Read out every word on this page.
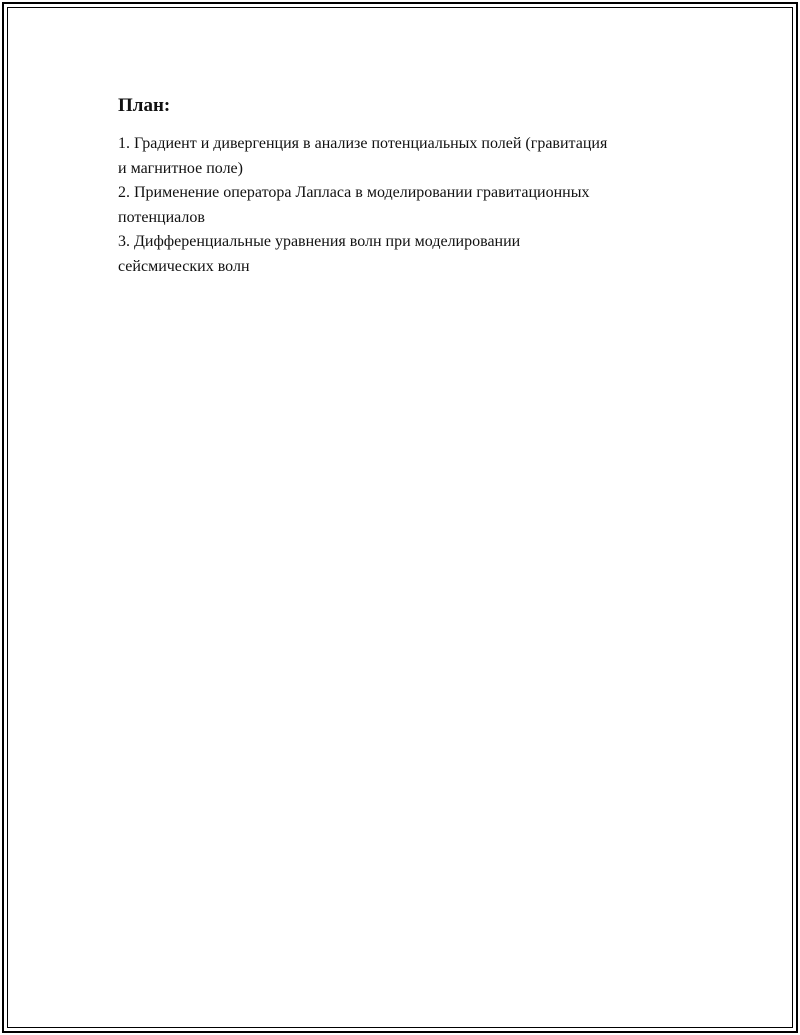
План:
1. Градиент и дивергенция в анализе потенциальных полей (гравитация
и магнитное поле)
2. Применение оператора Лапласа в моделировании гравитационных
потенциалов
3. Дифференциальные уравнения волн при моделировании
сейсмических волн
